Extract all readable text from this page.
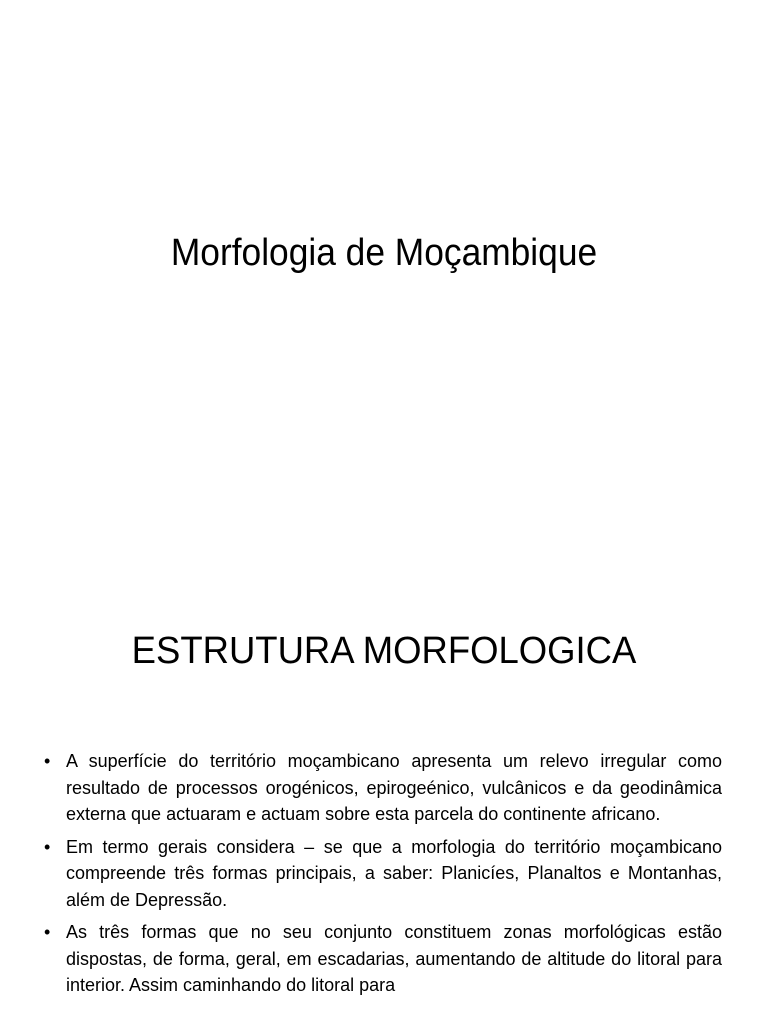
Morfologia de Moçambique
ESTRUTURA MORFOLOGICA
• A superfície do território moçambicano apresenta um relevo irregular como resultado de processos orogénicos, epirogeénico, vulcânicos e da geodinâmica externa que actuaram e actuam sobre esta parcela do continente africano.
• Em termo gerais considera – se que a morfologia do território moçambicano compreende três formas principais, a saber: Planicíes, Planaltos e Montanhas, além de Depressão.
• As três formas que no seu conjunto constituem zonas morfológicas estão dispostas, de forma, geral, em escadarias, aumentando de altitude do litoral para interior. Assim caminhando do litoral para
